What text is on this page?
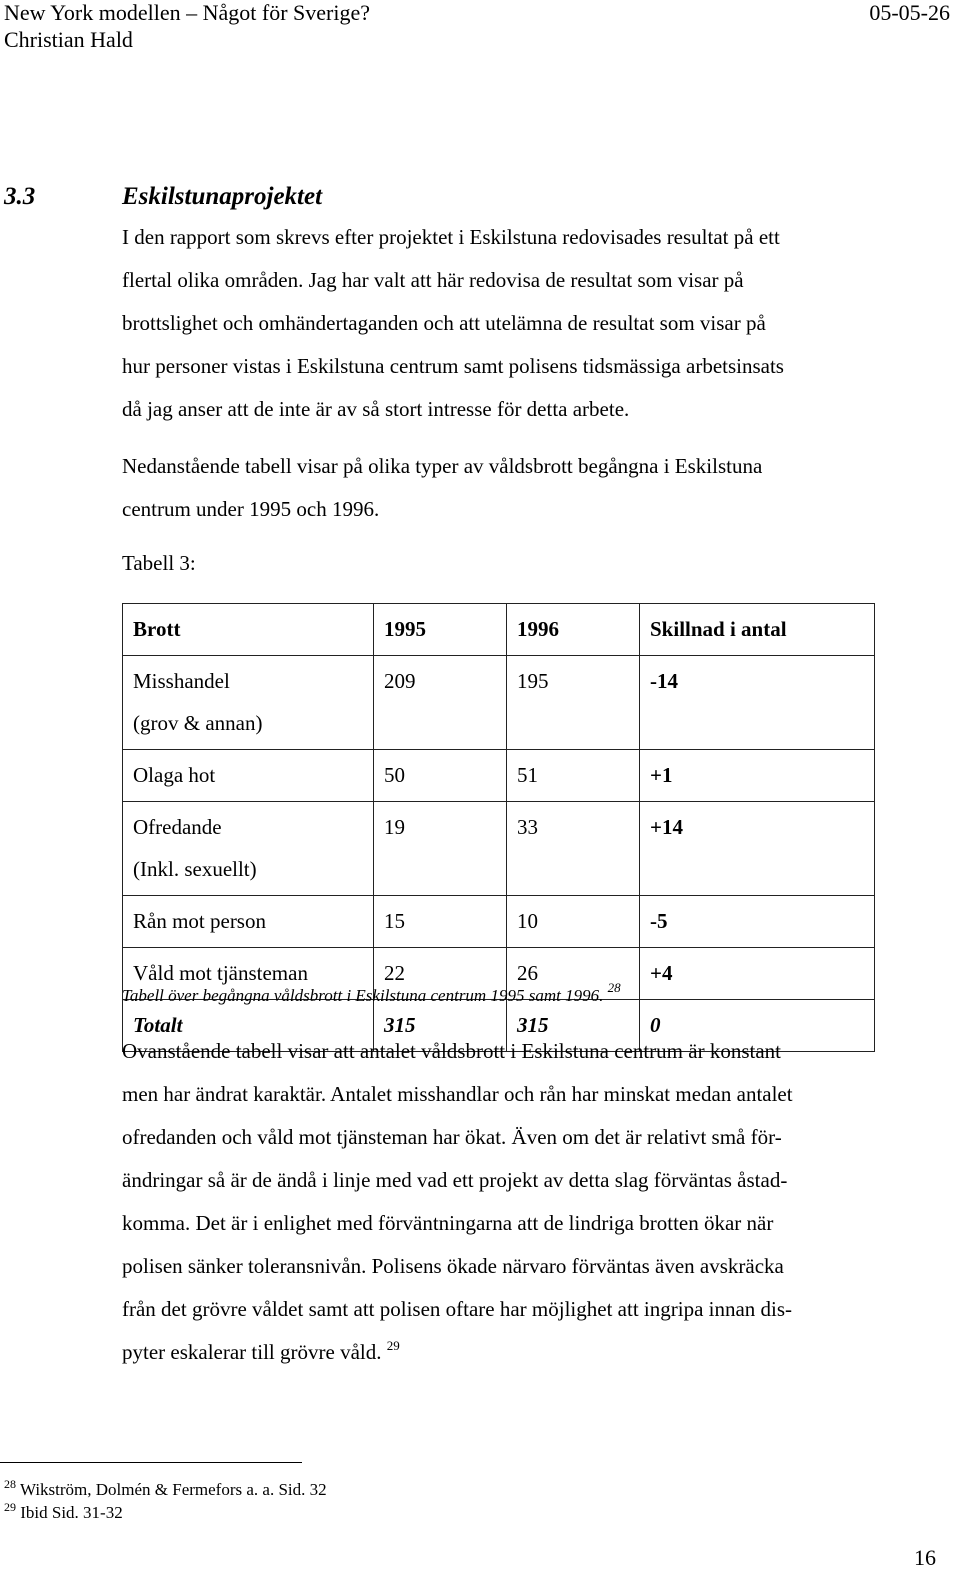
New York modellen – Något för Sverige?	05-05-26
Christian Hald
3.3	Eskilstunaprojektet
I den rapport som skrevs efter projektet i Eskilstuna redovisades resultat på ett
flertal olika områden. Jag har valt att här redovisa de resultat som visar på
brottslighet och omhändertaganden och att utelämna de resultat som visar på
hur personer vistas i Eskilstuna centrum samt polisens tidsmässiga arbetsinsats
då jag anser att de inte är av så stort intresse för detta arbete.
Nedanstående tabell visar på olika typer av våldsbrott begångna i Eskilstuna
centrum under 1995 och 1996.
Tabell 3:
Brott	1995	1996	Skillnad i antal

Misshandel
(grov & annan)	209	195	-14
Olaga hot	50	51	+1

Ofredande
(Inkl. sexuellt)	19	33	+14
Rån mot person	15	10	-5
Våld mot tjänsteman	22	26	+4
Totalt	315	315	0
Tabell över begångna våldsbrott i Eskilstuna centrum 1995 samt 1996. $^{28}$
Ovanstående tabell visar att antalet våldsbrott i Eskilstuna centrum är konstant
men har ändrat karaktär. Antalet misshandlar och rån har minskat medan antalet
ofredanden och våld mot tjänsteman har ökat. Även om det är relativt små för-
ändringar så är de ändå i linje med vad ett projekt av detta slag förväntas åstad-
komma. Det är i enlighet med förväntningarna att de lindriga brotten ökar när
polisen sänker toleransnivån. Polisens ökade närvaro förväntas även avskräcka
från det grövre våldet samt att polisen oftare har möjlighet att ingripa innan dis-
pyter eskalerar till grövre våld. $^{29}$
$^{28}$ Wikström, Dolmén & Fermefors a. a. Sid. 32
$^{29}$ Ibid Sid. 31-32
16
